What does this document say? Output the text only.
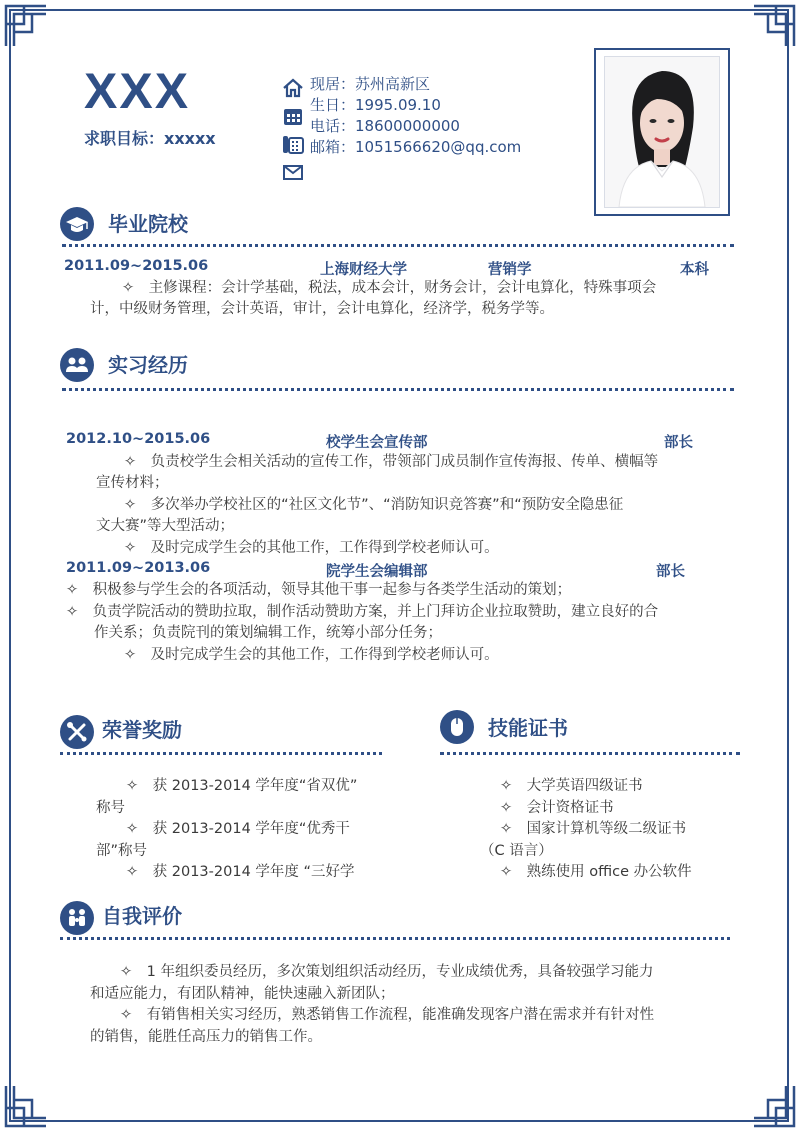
XXX
求职目标：xxxxx
现居：苏州高新区
生日：1995.09.10
电话：18600000000
邮箱：1051566620@qq.com
毕业院校
2011.09~2015.06	上海财经大学	营销学	本科
✧　主修课程：会计学基础，税法，成本会计，财务会计，会计电算化，特殊事项会
计，中级财务管理，会计英语，审计，会计电算化，经济学，税务学等。
实习经历
2012.10~2015.06	校学生会宣传部	部长
✧　负责校学生会相关活动的宣传工作，带领部门成员制作宣传海报、传单、横幅等
宣传材料；
✧　多次举办学校社区的“社区文化节”、“消防知识竞答赛”和“预防安全隐患征
文大赛”等大型活动；
✧　及时完成学生会的其他工作，工作得到学校老师认可。
2011.09~2013.06	院学生会编辑部	部长
✧　积极参与学生会的各项活动，领导其他干事一起参与各类学生活动的策划；
✧　负责学院活动的赞助拉取，制作活动赞助方案，并上门拜访企业拉取赞助，建立良好的合
作关系；负责院刊的策划编辑工作，统筹小部分任务；
✧　及时完成学生会的其他工作，工作得到学校老师认可。
荣誉奖励
✧　获 2013-2014 学年度“省双优”
称号
✧　获 2013-2014 学年度“优秀干
部”称号
✧　获 2013-2014 学年度 “三好学
技能证书
✧　大学英语四级证书
✧　会计资格证书
✧　国家计算机等级二级证书
（C 语言）
✧　熟练使用 office 办公软件
自我评价
✧　1 年组织委员经历，多次策划组织活动经历，专业成绩优秀，具备较强学习能力
和适应能力，有团队精神，能快速融入新团队；
✧　有销售相关实习经历，熟悉销售工作流程，能准确发现客户潜在需求并有针对性
的销售，能胜任高压力的销售工作。
